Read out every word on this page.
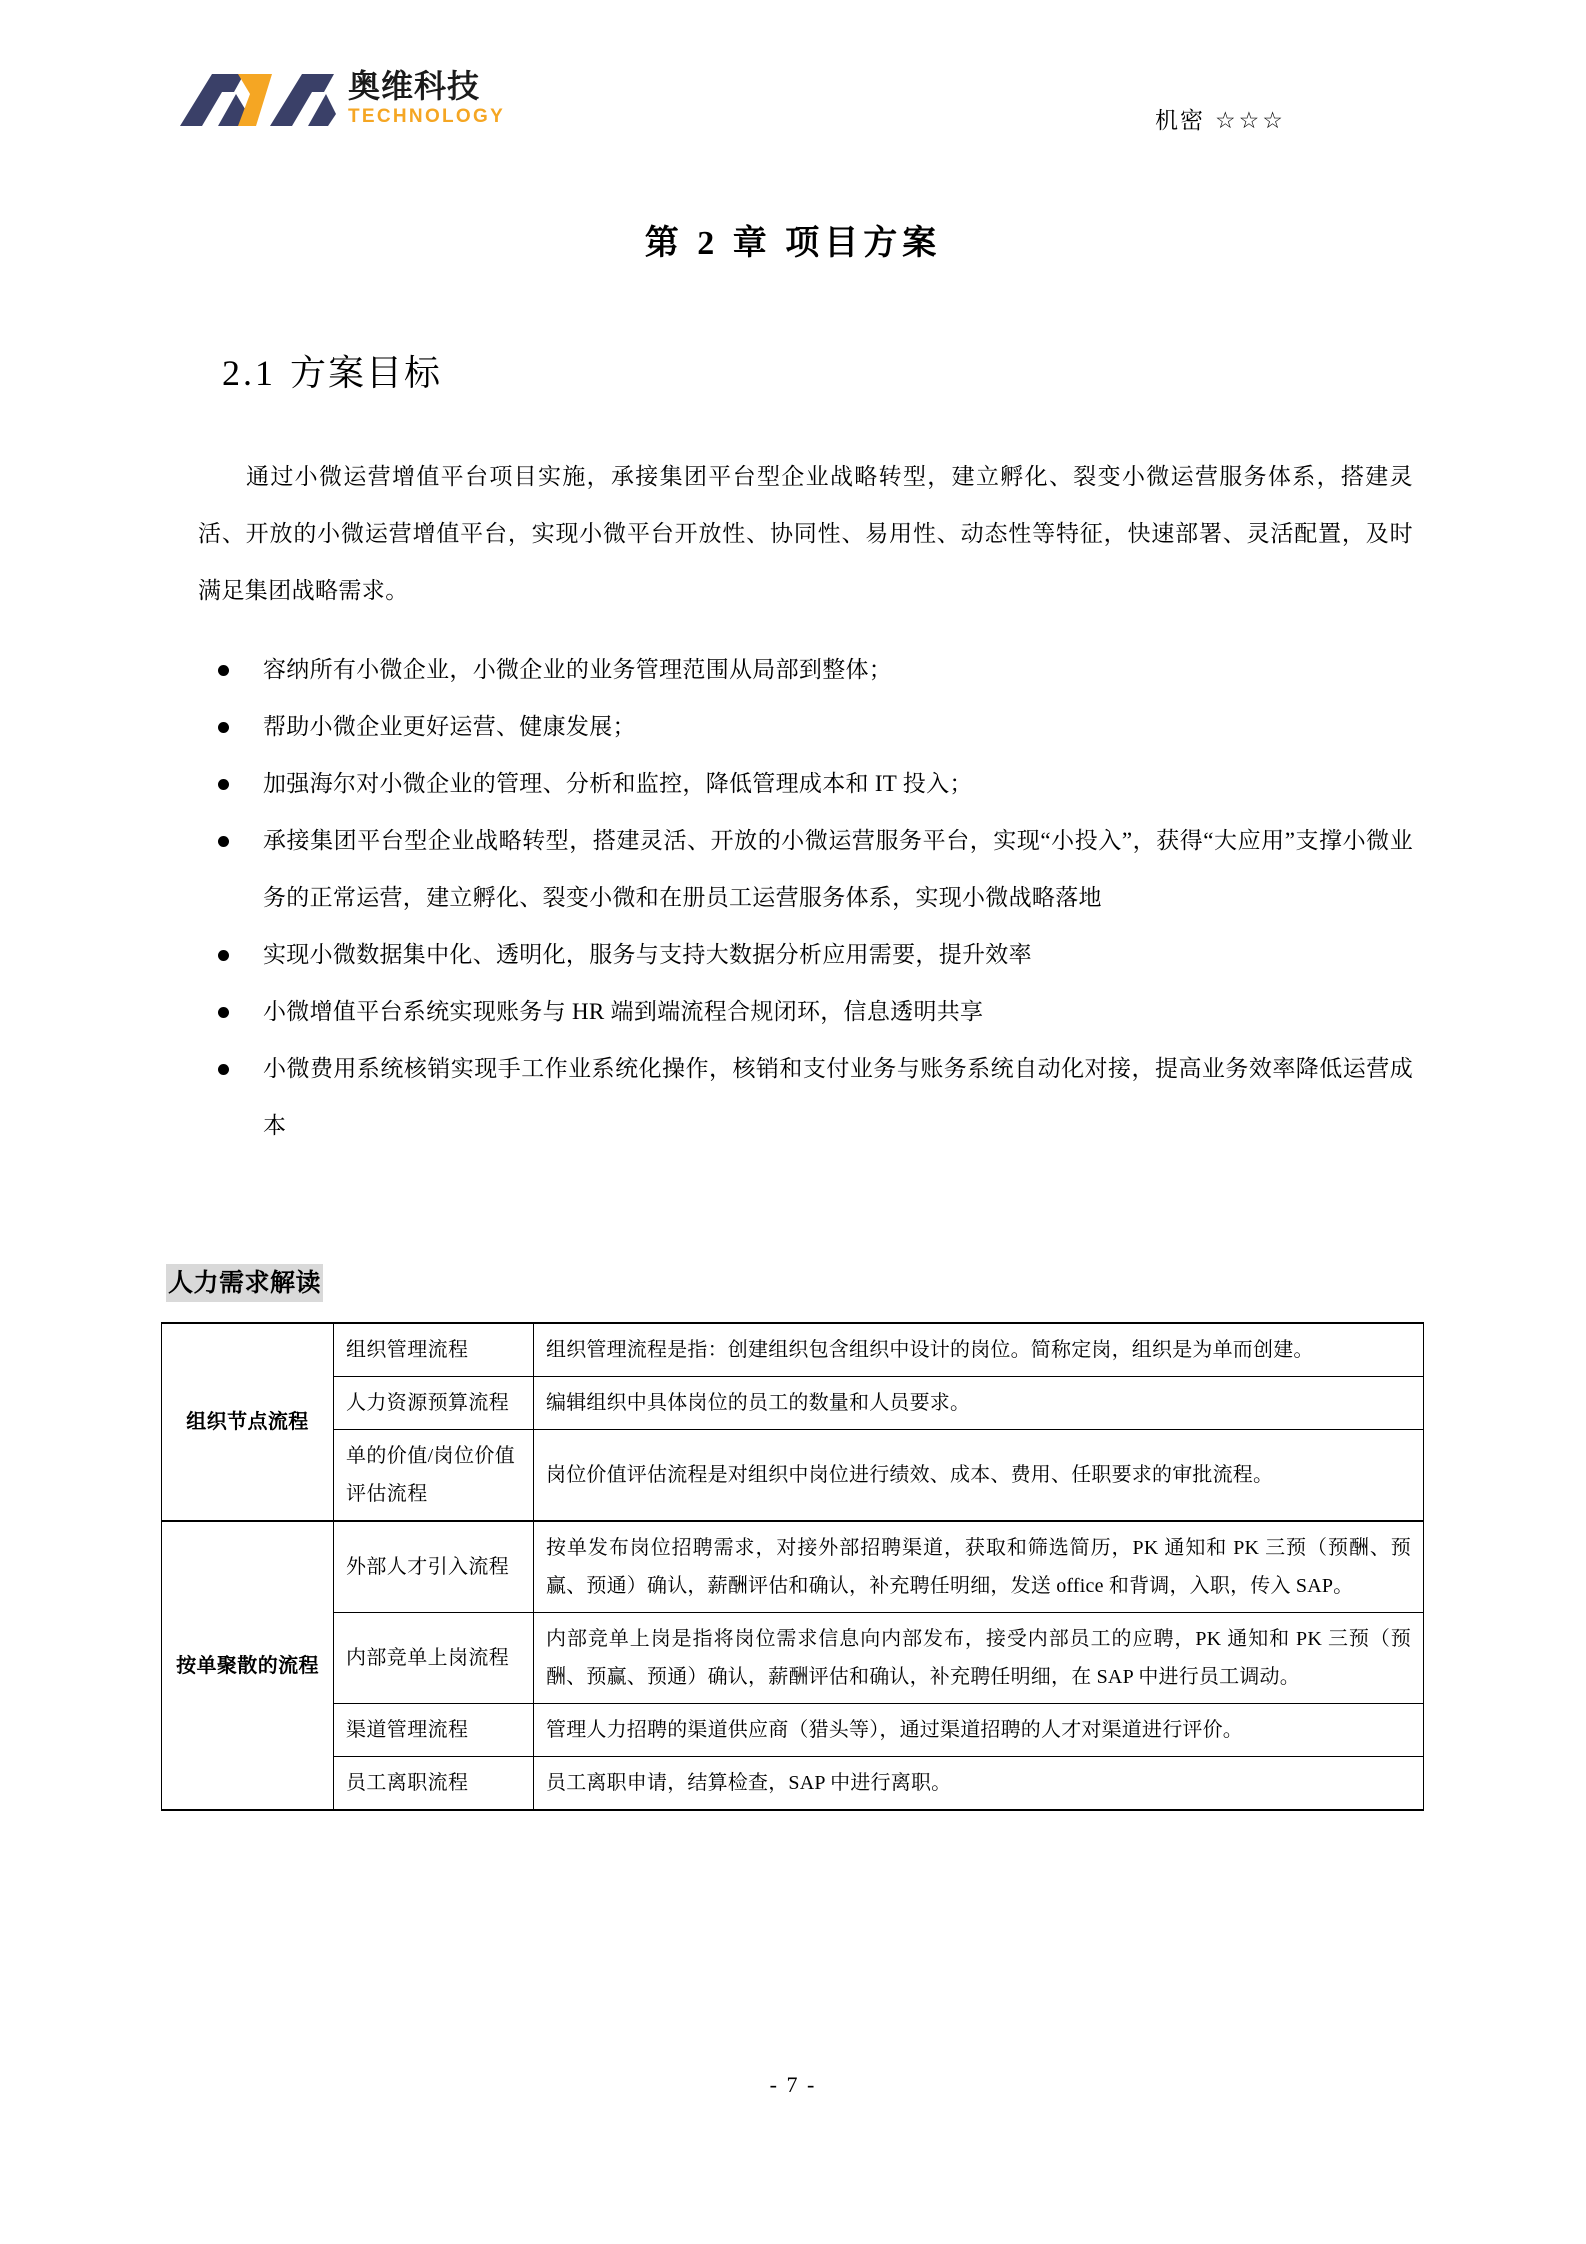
奥维科技
TECHNOLOGY	机密 ☆☆☆
第 2 章 项目方案
2.1 方案目标

通过小微运营增值平台项目实施，承接集团平台型企业战略转型，建立孵化、裂变小微运营服务体系，搭建灵活、开放的小微运营增值平台，实现小微平台开放性、协同性、易用性、动态性等特征，快速部署、灵活配置，及时满足集团战略需求。

容纳所有小微企业，小微企业的业务管理范围从局部到整体；
帮助小微企业更好运营、健康发展；
加强海尔对小微企业的管理、分析和监控，降低管理成本和 IT 投入；
承接集团平台型企业战略转型，搭建灵活、开放的小微运营服务平台，实现“小投入”，获得“大应用”支撑小微业务的正常运营，建立孵化、裂变小微和在册员工运营服务体系，实现小微战略落地
实现小微数据集中化、透明化，服务与支持大数据分析应用需要，提升效率
小微增值平台系统实现账务与 HR 端到端流程合规闭环，信息透明共享
小微费用系统核销实现手工作业系统化操作，核销和支付业务与账务系统自动化对接，提高业务效率降低运营成本
人力需求解读
组织节点流程	组织管理流程	组织管理流程是指：创建组织包含组织中设计的岗位。简称定岗，组织是为单而创建。
	人力资源预算流程	编辑组织中具体岗位的员工的数量和人员要求。
	单的价值/岗位价值评估流程	岗位价值评估流程是对组织中岗位进行绩效、成本、费用、任职要求的审批流程。
按单聚散的流程	外部人才引入流程	按单发布岗位招聘需求，对接外部招聘渠道，获取和筛选简历，PK 通知和 PK 三预（预酬、预赢、预通）确认，薪酬评估和确认，补充聘任明细，发送 office 和背调，入职，传入 SAP。
	内部竞单上岗流程	内部竞单上岗是指将岗位需求信息向内部发布，接受内部员工的应聘，PK 通知和 PK 三预（预酬、预赢、预通）确认，薪酬评估和确认，补充聘任明细，在 SAP 中进行员工调动。
	渠道管理流程	管理人力招聘的渠道供应商（猎头等），通过渠道招聘的人才对渠道进行评价。
	员工离职流程	员工离职申请，结算检查，SAP 中进行离职。
- 7 -
